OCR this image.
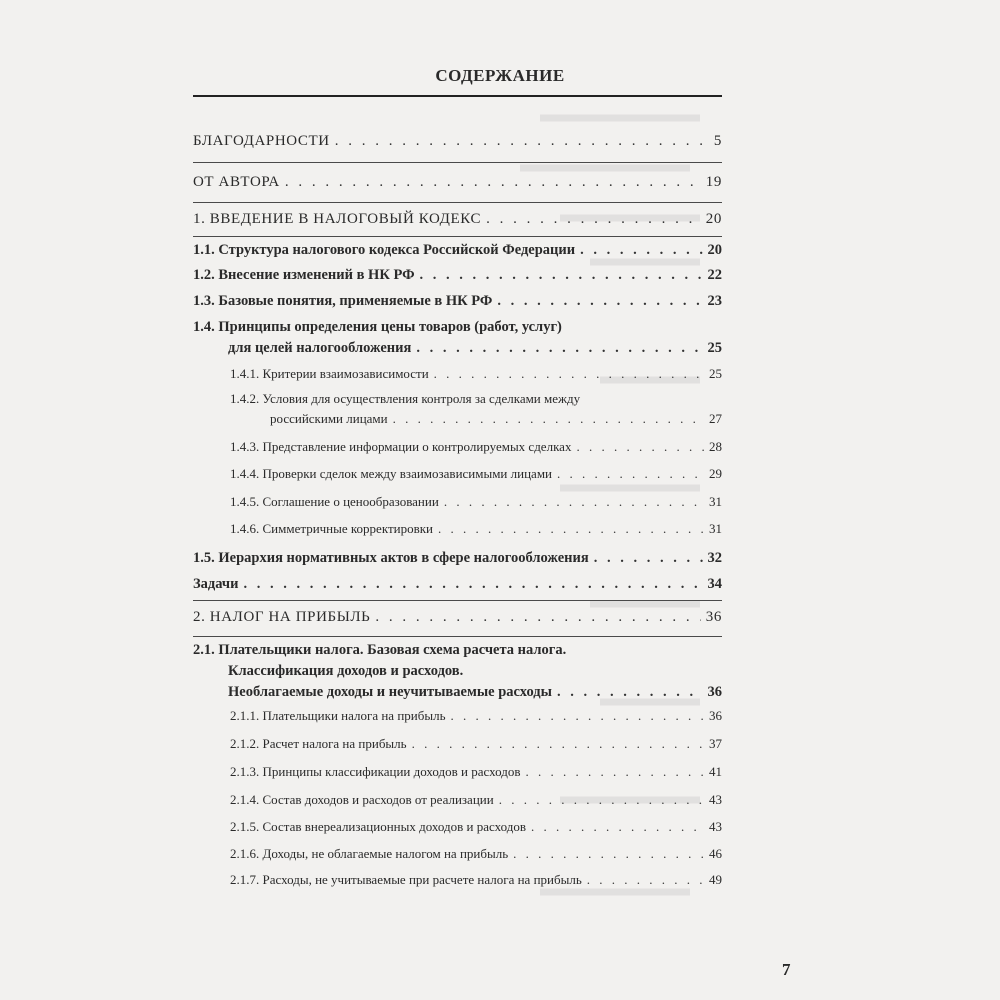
СОДЕРЖАНИЕ
БЛАГОДАРНОСТИ . . .	5
ОТ АВТОРА . . .	19
1. ВВЕДЕНИЕ В НАЛОГОВЫЙ КОДЕКС . . .	20
1.1. Структура налогового кодекса Российской Федерации . . .	20
1.2. Внесение изменений в НК РФ . . .	22
1.3. Базовые понятия, применяемые в НК РФ . . .	23
1.4. Принципы определения цены товаров (работ, услуг)
для целей налогообложения . . .	25
1.4.1. Критерии взаимозависимости . . .	25
1.4.2. Условия для осуществления контроля за сделками между
российскими лицами . . .	27
1.4.3. Представление информации о контролируемых сделках . . .	28
1.4.4. Проверки сделок между взаимозависимыми лицами . . .	29
1.4.5. Соглашение о ценообразовании . . .	31
1.4.6. Симметричные корректировки . . .	31
1.5. Иерархия нормативных актов в сфере налогообложения . . .	32
Задачи . . .	34
2. НАЛОГ НА ПРИБЫЛЬ . . .	36
2.1. Плательщики налога. Базовая схема расчета налога.
Классификация доходов и расходов.
Необлагаемые доходы и неучитываемые расходы . . .	36
2.1.1. Плательщики налога на прибыль . . .	36
2.1.2. Расчет налога на прибыль . . .	37
2.1.3. Принципы классификации доходов и расходов . . .	41
2.1.4. Состав доходов и расходов от реализации . . .	43
2.1.5. Состав внереализационных доходов и расходов . . .	43
2.1.6. Доходы, не облагаемые налогом на прибыль . . .	46
2.1.7. Расходы, не учитываемые при расчете налога на прибыль . . .	49
7
